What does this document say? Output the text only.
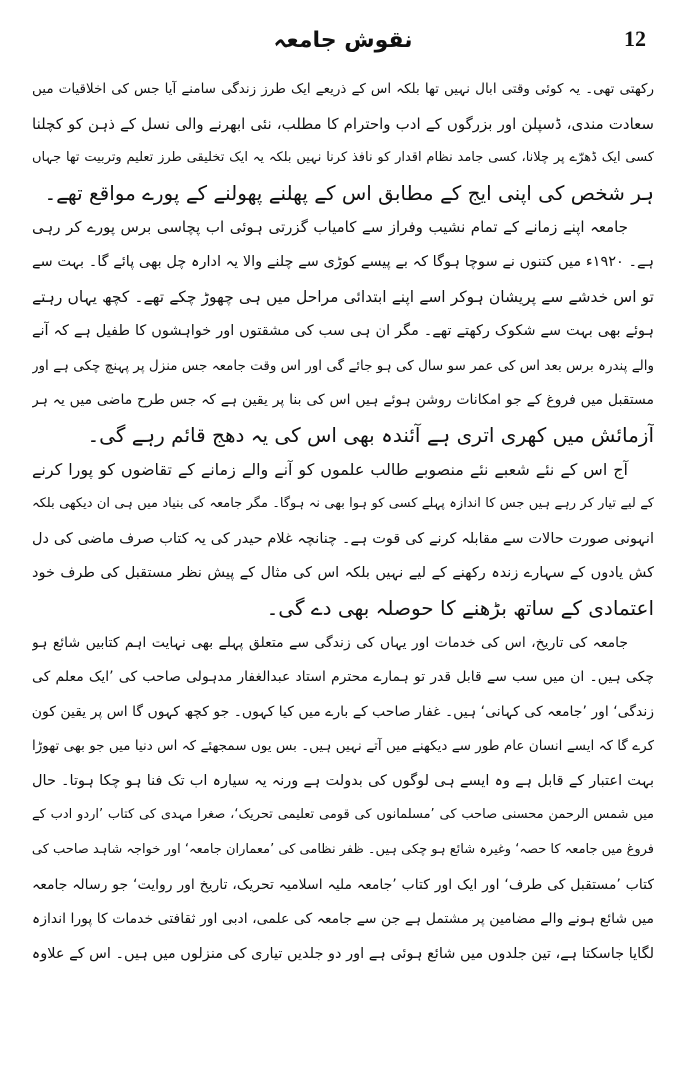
نقوش جامعہ	12
رکھتی تھی۔ یہ کوئی وقتی ابال نہیں تھا بلکہ اس کے ذریعے ایک طرز زندگی سامنے آیا جس کی اخلاقیات میں
سعادت مندی، ڈسپلن اور بزرگوں کے ادب واحترام کا مطلب، نئی ابھرنے والی نسل کے ذہن کو کچلنا
کسی ایک ڈھرّے پر چلانا، کسی جامد نظام اقدار کو نافذ کرنا نہیں بلکہ یہ ایک تخلیقی طرز تعلیم وتربیت تھا جہاں
ہر شخص کی اپنی ایج کے مطابق اس کے پھلنے پھولنے کے پورے مواقع تھے۔
جامعہ اپنے زمانے کے تمام نشیب وفراز سے کامیاب گزرتی ہوئی اب پچاسی برس پورے کر رہی
ہے۔ ۱۹۲۰ء میں کتنوں نے سوچا ہوگا کہ بے پیسے کوڑی سے چلنے والا یہ ادارہ چل بھی پائے گا۔ بہت سے
تو اس خدشے سے پریشان ہوکر اسے اپنے ابتدائی مراحل میں ہی چھوڑ چکے تھے۔ کچھ یہاں رہتے
ہوئے بھی بہت سے شکوک رکھتے تھے۔ مگر ان ہی سب کی مشقتوں اور خواہشوں کا طفیل ہے کہ آنے
والے پندرہ برس بعد اس کی عمر سو سال کی ہو جائے گی اور اس وقت جامعہ جس منزل پر پہنچ چکی ہے اور
مستقبل میں فروغ کے جو امکانات روشن ہوئے ہیں اس کی بنا پر یقین ہے کہ جس طرح ماضی میں یہ ہر
آزمائش میں کھری اتری ہے آئندہ بھی اس کی یہ دھج قائم رہے گی۔
آج اس کے نئے شعبے نئے منصوبے طالب علموں کو آنے والے زمانے کے تقاضوں کو پورا کرنے
کے لیے تیار کر رہے ہیں جس کا اندازہ پہلے کسی کو ہوا بھی نہ ہوگا۔ مگر جامعہ کی بنیاد میں ہی ان دیکھی بلکہ
انہونی صورت حالات سے مقابلہ کرنے کی قوت ہے۔ چنانچہ غلام حیدر کی یہ کتاب صرف ماضی کی دل
کش یادوں کے سہارے زندہ رکھنے کے لیے نہیں بلکہ اس کی مثال کے پیش نظر مستقبل کی طرف خود
اعتمادی کے ساتھ بڑھنے کا حوصلہ بھی دے گی۔
جامعہ کی تاریخ، اس کی خدمات اور یہاں کی زندگی سے متعلق پہلے بھی نہایت اہم کتابیں شائع ہو
چکی ہیں۔ ان میں سب سے قابل قدر تو ہمارے محترم استاد عبدالغفار مدہولی صاحب کی ’ایک معلم کی
زندگی‘ اور ’جامعہ کی کہانی‘ ہیں۔ غفار صاحب کے بارے میں کیا کہوں۔ جو کچھ کہوں گا اس پر یقین کون
کرے گا کہ ایسے انسان عام طور سے دیکھنے میں آتے نہیں ہیں۔ بس یوں سمجھئے کہ اس دنیا میں جو بھی تھوڑا
بہت اعتبار کے قابل ہے وہ ایسے ہی لوگوں کی بدولت ہے ورنہ یہ سیارہ اب تک فنا ہو چکا ہوتا۔ حال
میں شمس الرحمن محسنی صاحب کی ’مسلمانوں کی قومی تعلیمی تحریک‘، صغرا مہدی کی کتاب ’اردو ادب کے
فروغ میں جامعہ کا حصہ‘ وغیرہ شائع ہو چکی ہیں۔ ظفر نظامی کی ’معماران جامعہ‘ اور خواجہ شاہد صاحب کی
کتاب ’مستقبل کی طرف‘ اور ایک اور کتاب ’جامعہ ملیہ اسلامیہ تحریک، تاریخ اور روایت‘ جو رسالہ جامعہ
میں شائع ہونے والے مضامین پر مشتمل ہے جن سے جامعہ کی علمی، ادبی اور ثقافتی خدمات کا پورا اندازہ
لگایا جاسکتا ہے، تین جلدوں میں شائع ہوئی ہے اور دو جلدیں تیاری کی منزلوں میں ہیں۔ اس کے علاوہ
